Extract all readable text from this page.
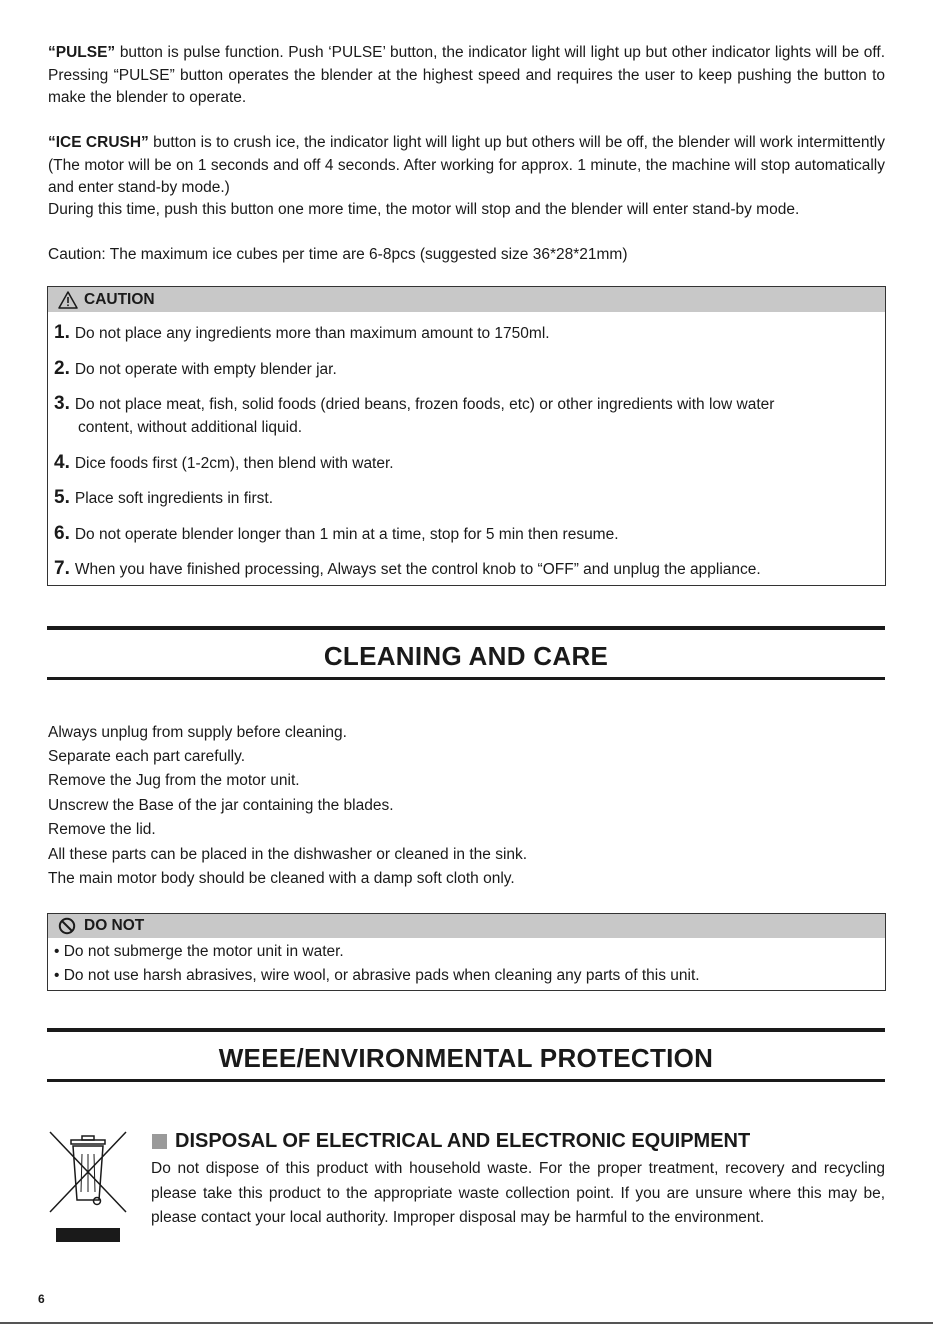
“PULSE” button is pulse function. Push ‘PULSE’ button, the indicator light will light up but other indicator lights will be off. Pressing “PULSE” button operates the blender at the highest speed and requires the user to keep pushing the button to make the blender to operate.

“ICE CRUSH” button is to crush ice, the indicator light will light up but others will be off, the blender will work intermittently (The motor will be on 1 seconds and off 4 seconds. After working for approx. 1 minute, the machine will stop automatically and enter stand-by mode.)

During this time, push this button one more time, the motor will stop and the blender will enter stand-by mode.

Caution: The maximum ice cubes per time are 6-8pcs (suggested size 36*28*21mm)

CAUTION
1. Do not place any ingredients more than maximum amount to 1750ml.
2. Do not operate with empty blender jar.
3. Do not place meat, fish, solid foods (dried beans, frozen foods, etc) or other ingredients with low water
content, without additional liquid.
4. Dice foods first (1-2cm), then blend with water.
5. Place soft ingredients in first.
6. Do not operate blender longer than 1 min at a time, stop for 5 min then resume.
7. When you have finished processing, Always set the control knob to “OFF” and unplug the appliance.
CLEANING AND CARE
Always unplug from supply before cleaning.
Separate each part carefully.
Remove the Jug from the motor unit.
Unscrew the Base of the jar containing the blades.
Remove the lid.
All these parts can be placed in the dishwasher or cleaned in the sink.
The main motor body should be cleaned with a damp soft cloth only.
DO NOT
• Do not submerge the motor unit in water.
• Do not use harsh abrasives, wire wool, or abrasive pads when cleaning any parts of this unit.
WEEE/ENVIRONMENTAL PROTECTION
DISPOSAL OF ELECTRICAL AND ELECTRONIC EQUIPMENT

Do not dispose of this product with household waste. For the proper treatment, recovery and recycling please take this product to the appropriate waste collection point. If you are unsure where this may be, please contact your local authority. Improper disposal may be harmful to the environment.

6
